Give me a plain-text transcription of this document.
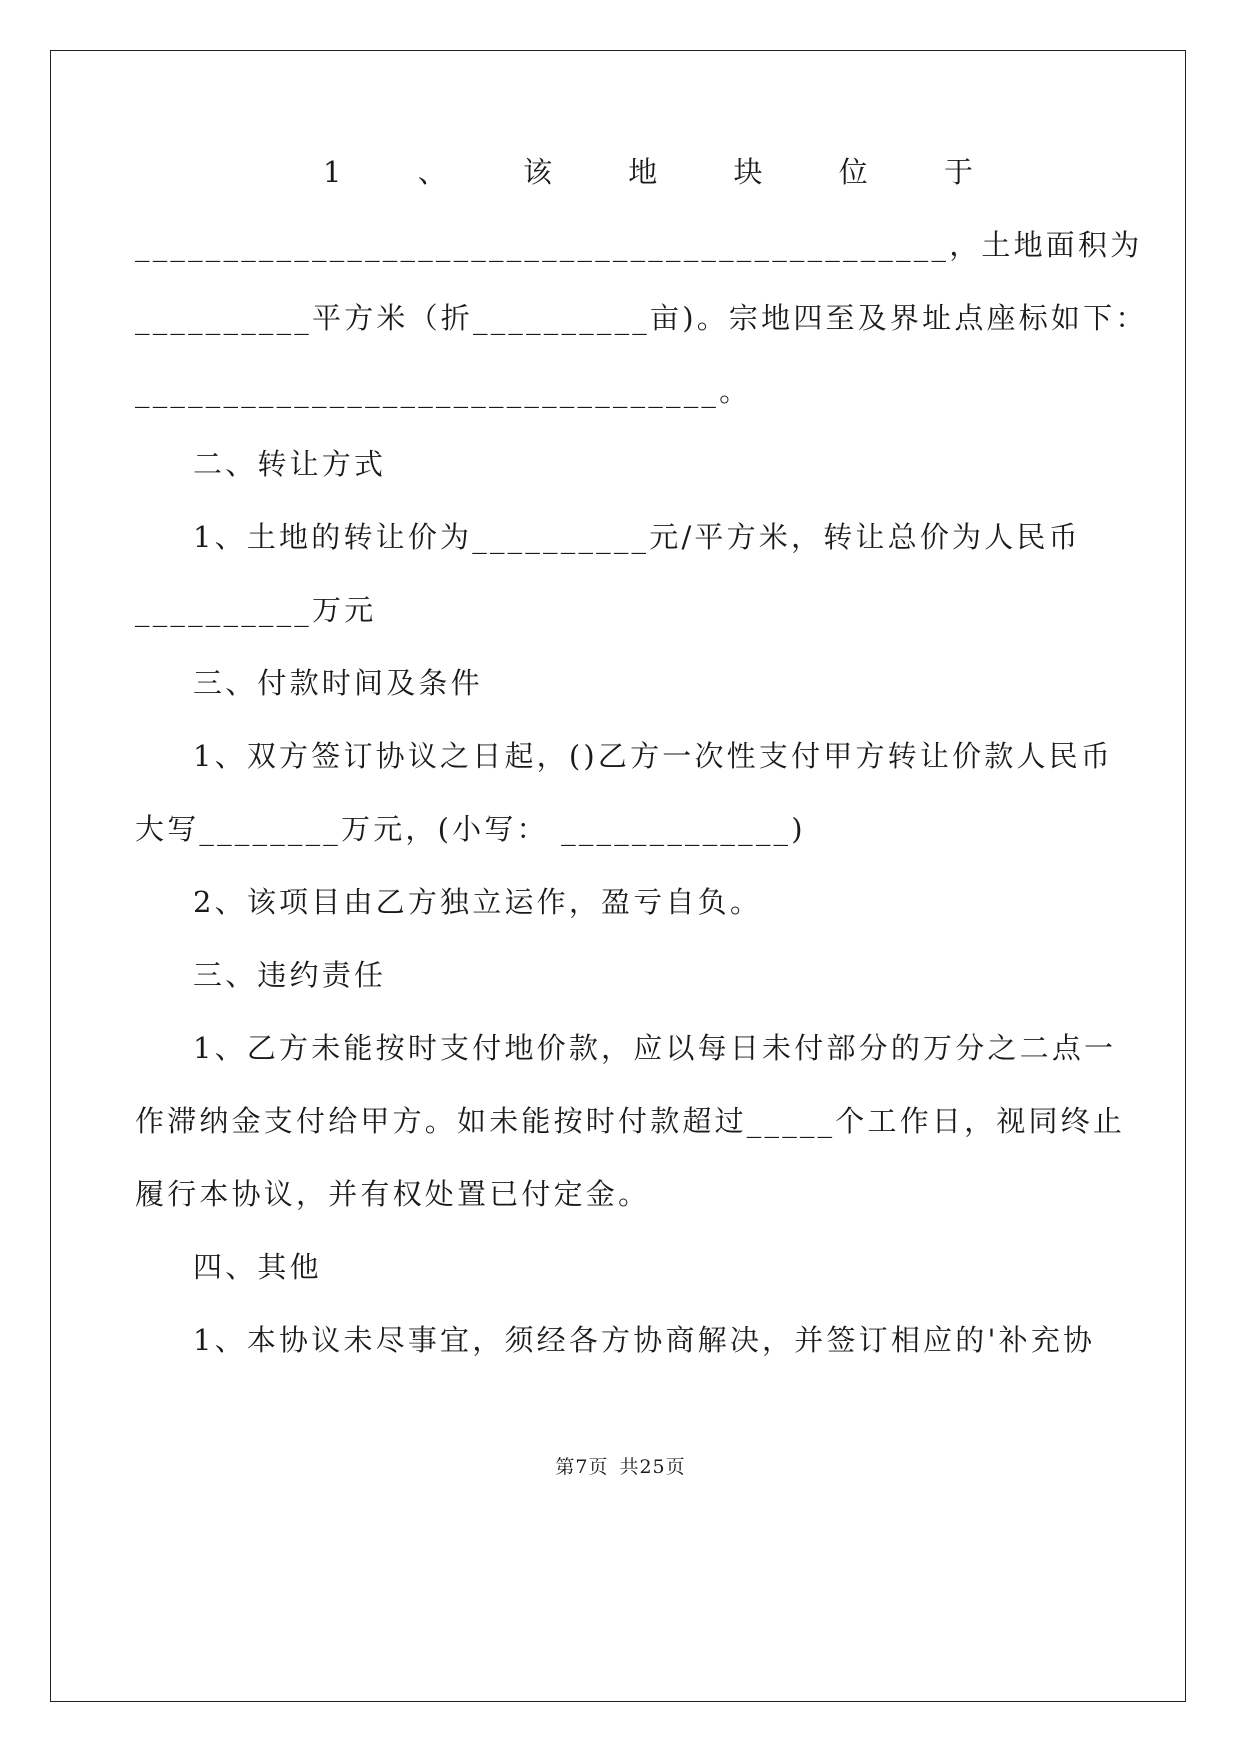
1	、	该	地	块	位	于
______________________________________________，土地面积为
__________平方米（折__________亩)。宗地四至及界址点座标如下：
_________________________________。
二、转让方式
1、土地的转让价为__________元/平方米，转让总价为人民币
__________万元
三、付款时间及条件
1、双方签订协议之日起，()乙方一次性支付甲方转让价款人民币
大写________万元，(小写： _____________)
2、该项目由乙方独立运作，盈亏自负。
三、违约责任
1、乙方未能按时支付地价款，应以每日未付部分的万分之二点一
作滞纳金支付给甲方。如未能按时付款超过_____个工作日，视同终止
履行本协议，并有权处置已付定金。
四、其他
1、本协议未尽事宜，须经各方协商解决，并签订相应的'补充协
第7页 共25页
